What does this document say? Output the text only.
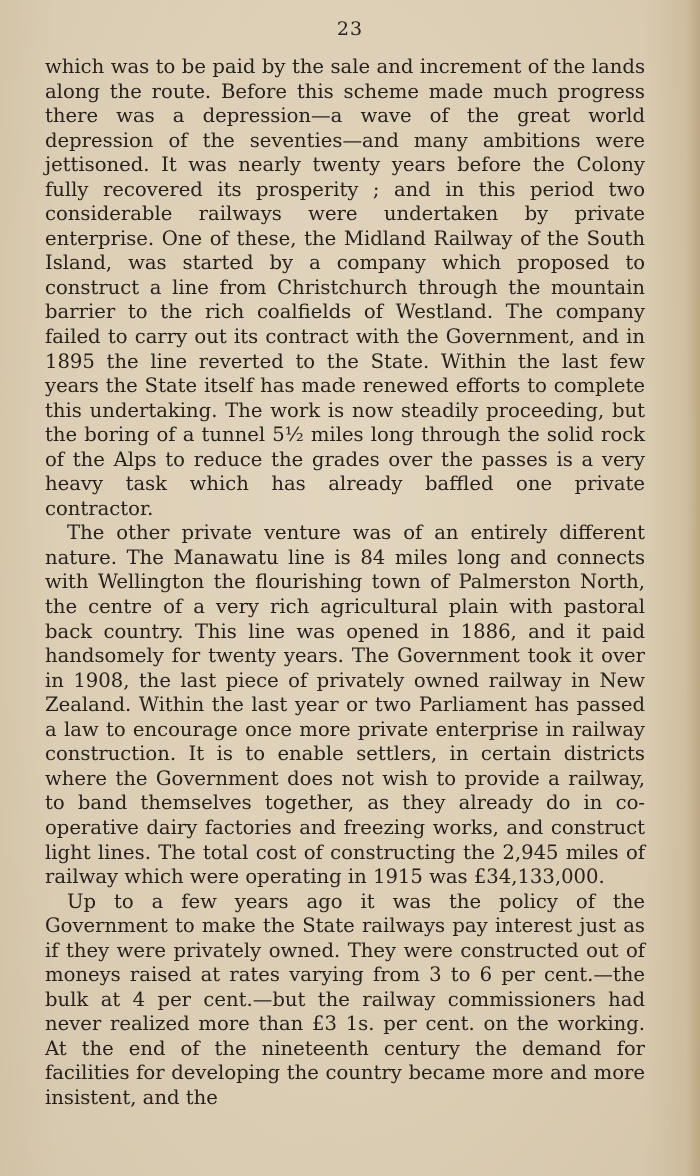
23

which was to be paid by the sale and increment of the lands along the route. Before this scheme made much progress there was a depression—a wave of the great world depression of the seventies—and many ambitions were jettisoned. It was nearly twenty years before the Colony fully recovered its prosperity ; and in this period two considerable railways were undertaken by private enterprise. One of these, the Midland Railway of the South Island, was started by a company which proposed to construct a line from Christchurch through the mountain barrier to the rich coalfields of Westland. The company failed to carry out its contract with the Government, and in 1895 the line reverted to the State. Within the last few years the State itself has made renewed efforts to complete this undertaking. The work is now steadily proceeding, but the boring of a tunnel 5½ miles long through the solid rock of the Alps to reduce the grades over the passes is a very heavy task which has already baffled one private contractor.

The other private venture was of an entirely different nature. The Manawatu line is 84 miles long and connects with Wellington the flourishing town of Palmerston North, the centre of a very rich agricultural plain with pastoral back country. This line was opened in 1886, and it paid handsomely for twenty years. The Government took it over in 1908, the last piece of privately owned railway in New Zealand. Within the last year or two Parliament has passed a law to encourage once more private enterprise in railway construction. It is to enable settlers, in certain districts where the Government does not wish to provide a railway, to band themselves together, as they already do in co-operative dairy factories and freezing works, and construct light lines. The total cost of constructing the 2,945 miles of railway which were operating in 1915 was £34,133,000.

Up to a few years ago it was the policy of the Government to make the State railways pay interest just as if they were privately owned. They were constructed out of moneys raised at rates varying from 3 to 6 per cent.—the bulk at 4 per cent.—but the railway commissioners had never realized more than £3 1s. per cent. on the working. At the end of the nineteenth century the demand for facilities for developing the country became more and more insistent, and the
